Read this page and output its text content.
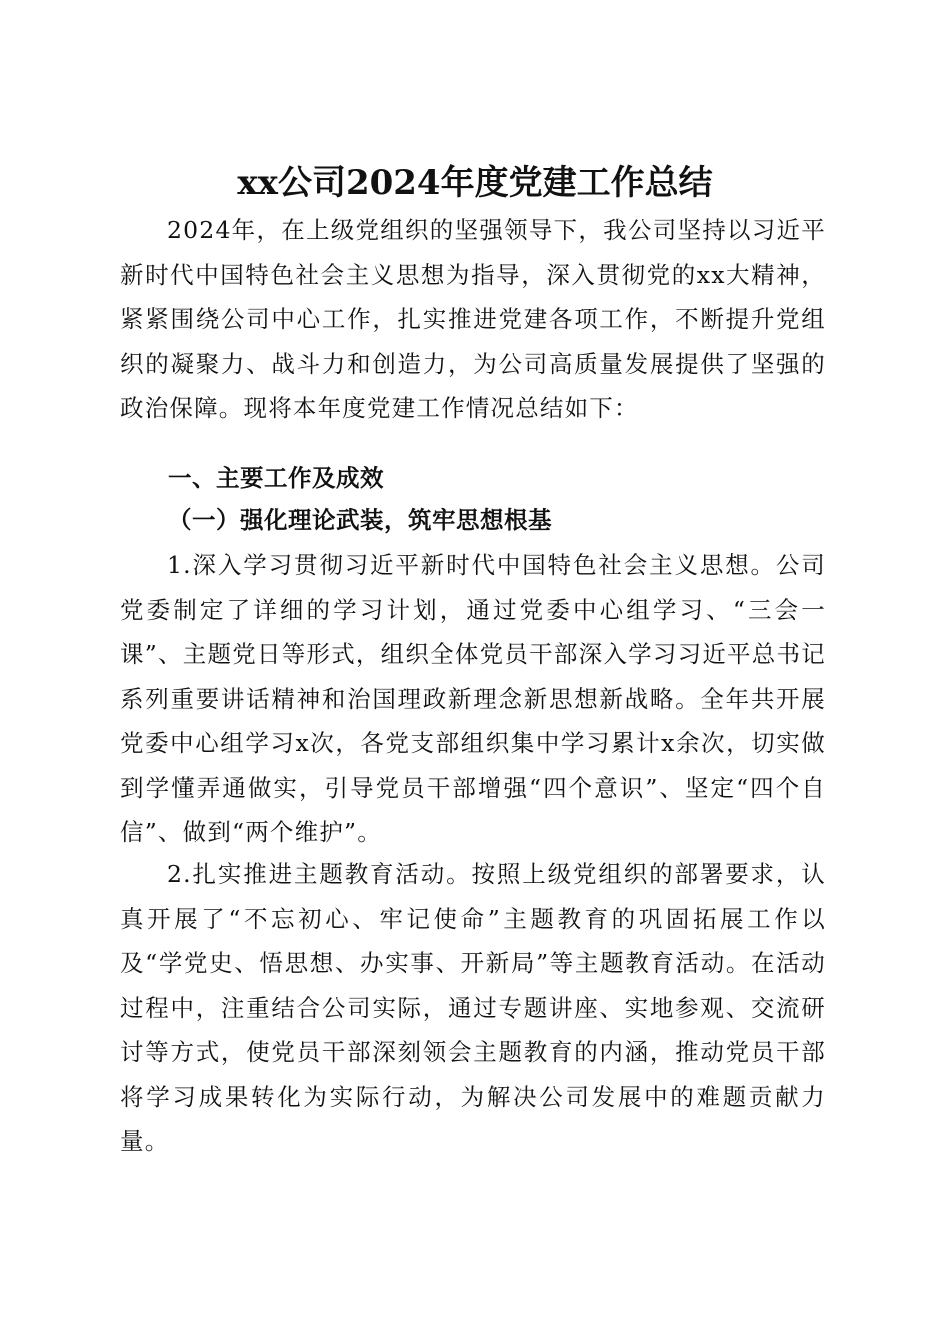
xx公司2024年度党建工作总结

2024年，在上级党组织的坚强领导下，我公司坚持以习近平新时代中国特色社会主义思想为指导，深入贯彻党的xx大精神，紧紧围绕公司中心工作，扎实推进党建各项工作，不断提升党组织的凝聚力、战斗力和创造力，为公司高质量发展提供了坚强的政治保障。现将本年度党建工作情况总结如下：

一、主要工作及成效
（一）强化理论武装，筑牢思想根基

1.深入学习贯彻习近平新时代中国特色社会主义思想。公司党委制定了详细的学习计划，通过党委中心组学习、“三会一课”、主题党日等形式，组织全体党员干部深入学习习近平总书记系列重要讲话精神和治国理政新理念新思想新战略。全年共开展党委中心组学习x次，各党支部组织集中学习累计x余次，切实做到学懂弄通做实，引导党员干部增强“四个意识”、坚定“四个自信”、做到“两个维护”。

2.扎实推进主题教育活动。按照上级党组织的部署要求，认真开展了“不忘初心、牢记使命”主题教育的巩固拓展工作以及“学党史、悟思想、办实事、开新局”等主题教育活动。在活动过程中，注重结合公司实际，通过专题讲座、实地参观、交流研讨等方式，使党员干部深刻领会主题教育的内涵，推动党员干部将学习成果转化为实际行动，为解决公司发展中的难题贡献力量。
